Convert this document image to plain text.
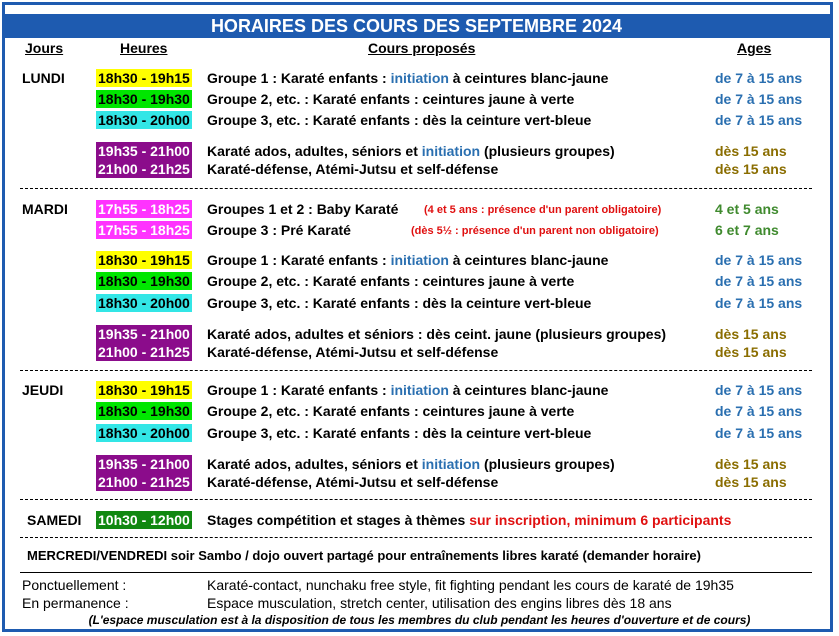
HORAIRES DES COURS DES SEPTEMBRE 2024
Jours	Heures	Cours proposés	Ages
LUNDI 18h30 - 19h15 Groupe 1 : Karaté enfants : initiation à ceintures blanc-jaune	de 7 à 15 ans
18h30 - 19h30 Groupe 2, etc. : Karaté enfants : ceintures jaune à verte	de 7 à 15 ans
18h30 - 20h00 Groupe 3, etc. : Karaté enfants : dès la ceinture vert-bleue	de 7 à 15 ans
19h35 - 21h00 Karaté ados, adultes, séniors et initiation (plusieurs groupes)	dès 15 ans
21h00 - 21h25 Karaté-défense, Atémi-Jutsu et self-défense	dès 15 ans
MARDI 17h55 - 18h25 Groupes 1 et 2 : Baby Karaté (4 et 5 ans : présence d'un parent obligatoire)	4 et 5 ans
17h55 - 18h25 Groupe 3 : Pré Karaté	(dès 5½ : présence d'un parent non obligatoire)	6 et 7 ans
18h30 - 19h15 Groupe 1 : Karaté enfants : initiation à ceintures blanc-jaune	de 7 à 15 ans
18h30 - 19h30 Groupe 2, etc. : Karaté enfants : ceintures jaune à verte	de 7 à 15 ans
18h30 - 20h00 Groupe 3, etc. : Karaté enfants : dès la ceinture vert-bleue	de 7 à 15 ans
19h35 - 21h00 Karaté ados, adultes et séniors : dès ceint. jaune (plusieurs groupes)	dès 15 ans
21h00 - 21h25 Karaté-défense, Atémi-Jutsu et self-défense	dès 15 ans
JEUDI 18h30 - 19h15 Groupe 1 : Karaté enfants : initiation à ceintures blanc-jaune	de 7 à 15 ans
18h30 - 19h30 Groupe 2, etc. : Karaté enfants : ceintures jaune à verte	de 7 à 15 ans
18h30 - 20h00 Groupe 3, etc. : Karaté enfants : dès la ceinture vert-bleue	de 7 à 15 ans
19h35 - 21h00 Karaté ados, adultes, séniors et initiation (plusieurs groupes)	dès 15 ans
21h00 - 21h25 Karaté-défense, Atémi-Jutsu et self-défense	dès 15 ans
SAMEDI 10h30 - 12h00 Stages compétition et stages à thèmes sur inscription, minimum 6 participants
MERCREDI/VENDREDI soir Sambo / dojo ouvert partagé pour entraînements libres karaté (demander horaire)
Ponctuellement :	Karaté-contact, nunchaku free style, fit fighting pendant les cours de karaté de 19h35
En permanence :	Espace musculation, stretch center, utilisation des engins libres dès 18 ans
(L'espace musculation est à la disposition de tous les membres du club pendant les heures d'ouverture et de cours)
